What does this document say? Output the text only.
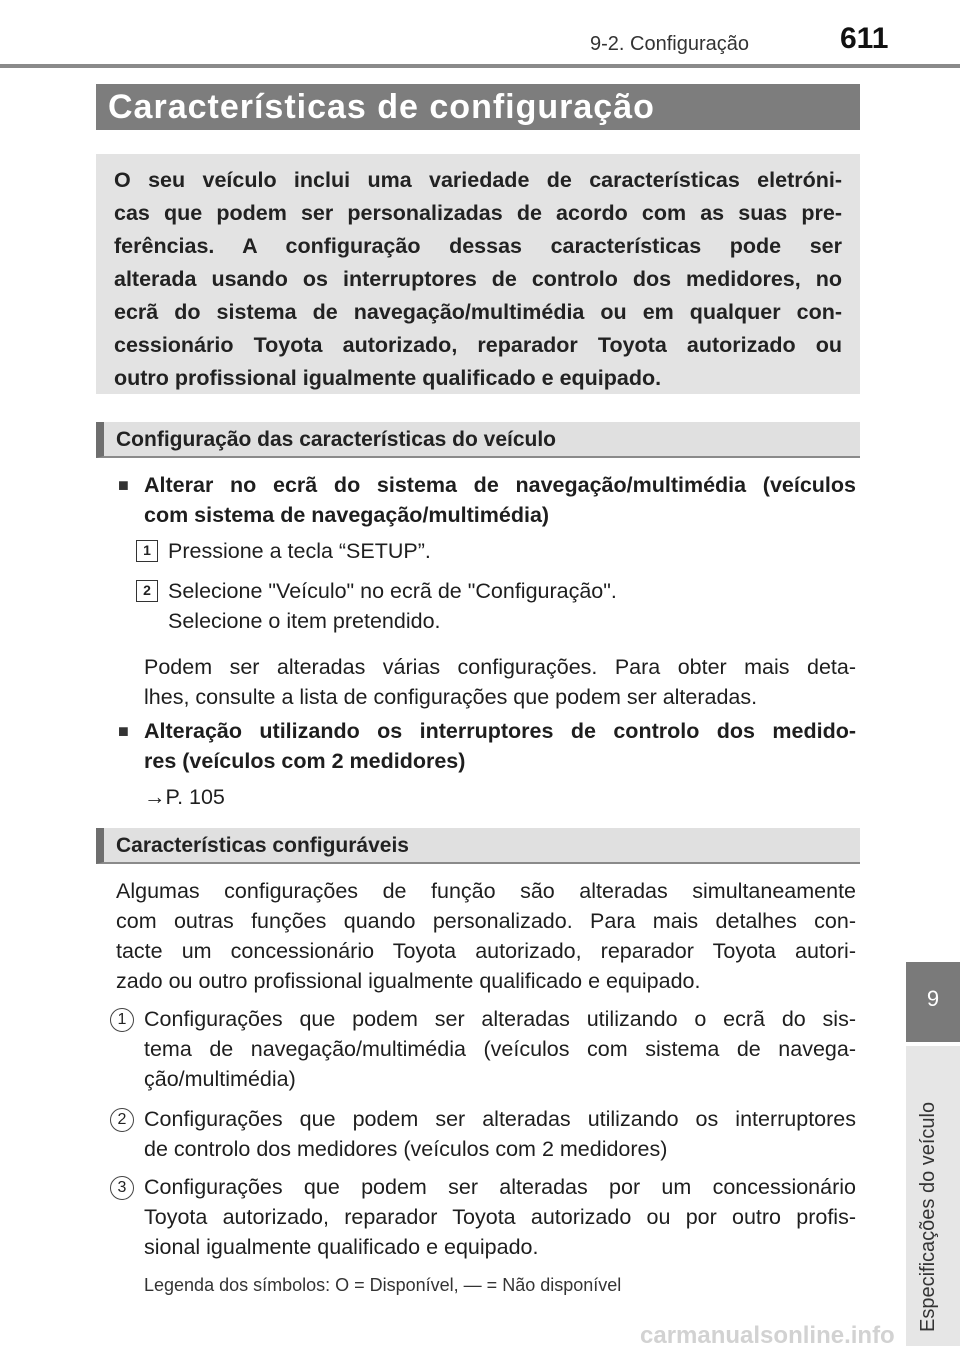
9-2. Configuração	611
Características de configuração
O seu veículo inclui uma variedade de características eletróni-
cas que podem ser personalizadas de acordo com as suas pre-
ferências. A configuração dessas características pode ser
alterada usando os interruptores de controlo dos medidores, no
ecrã do sistema de navegação/multimédia ou em qualquer con-
cessionário Toyota autorizado, reparador Toyota autorizado ou
outro profissional igualmente qualificado e equipado.
Configuração das características do veículo
■ Alterar no ecrã do sistema de navegação/multimédia (veículos
com sistema de navegação/multimédia)
1 Pressione a tecla “SETUP”.
2 Selecione "Veículo" no ecrã de "Configuração".
Selecione o item pretendido.
Podem ser alteradas várias configurações. Para obter mais deta-
lhes, consulte a lista de configurações que podem ser alteradas.
■ Alteração utilizando os interruptores de controlo dos medido-
res (veículos com 2 medidores)
→P. 105
Características configuráveis
Algumas configurações de função são alteradas simultaneamente
com outras funções quando personalizado. Para mais detalhes con-
tacte um concessionário Toyota autorizado, reparador Toyota autori-
zado ou outro profissional igualmente qualificado e equipado.
1 Configurações que podem ser alteradas utilizando o ecrã do sis-
tema de navegação/multimédia (veículos com sistema de navega-
ção/multimédia)
2 Configurações que podem ser alteradas utilizando os interruptores
de controlo dos medidores (veículos com 2 medidores)
3 Configurações que podem ser alteradas por um concessionário
Toyota autorizado, reparador Toyota autorizado ou por outro profis-
sional igualmente qualificado e equipado.
Legenda dos símbolos: O = Disponível, — = Não disponível
9
Especificações do veículo
carmanualsonline.info
